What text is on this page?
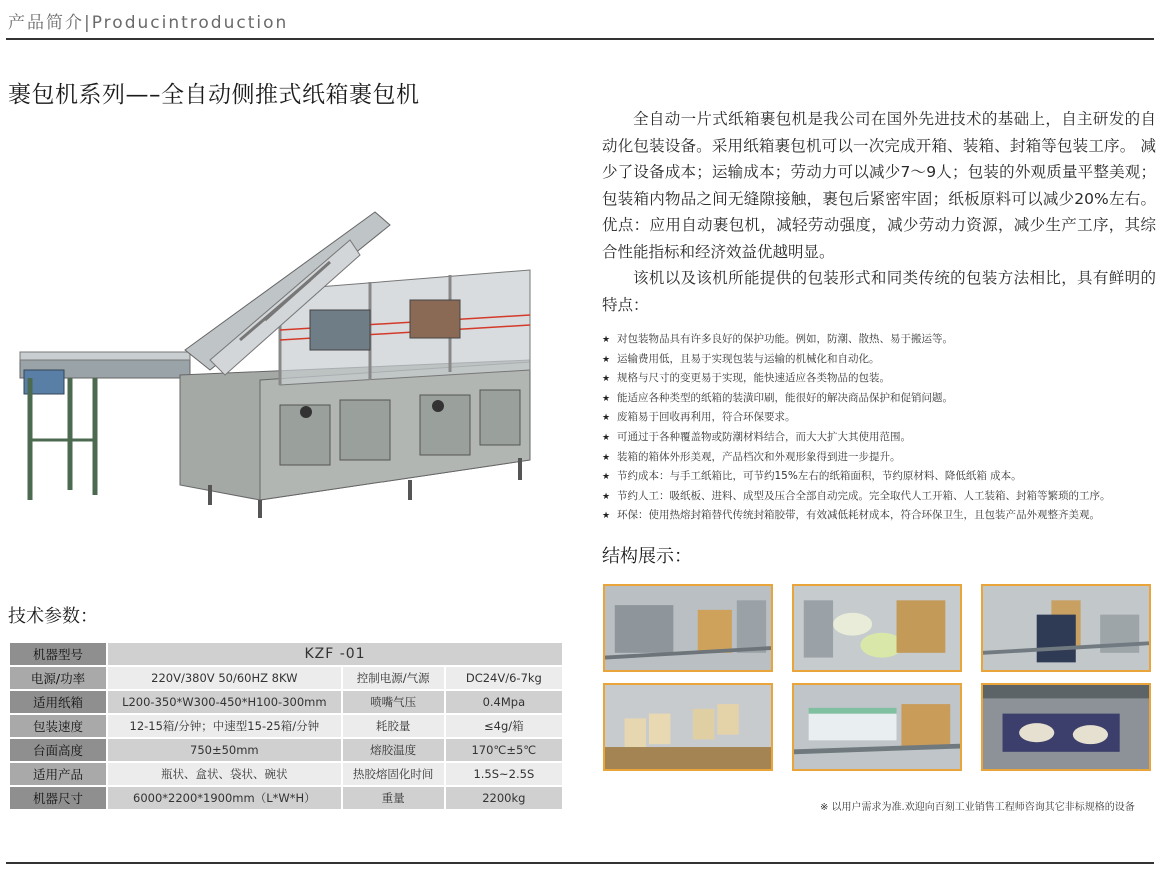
产品简介|Producintroduction
裹包机系列—–全自动侧推式纸箱裹包机

全自动一片式纸箱裹包机是我公司在国外先进技术的基础上，自主研发的自动化包装设备。采用纸箱裹包机可以一次完成开箱、装箱、封箱等包装工序。 减少了设备成本；运输成本；劳动力可以减少7～9人；包装的外观质量平整美观；包装箱内物品之间无缝隙接触，裹包后紧密牢固；纸板原料可以减少20%左右。优点：应用自动裹包机，减轻劳动强度，减少劳动力资源，减少生产工序，其综合性能指标和经济效益优越明显。

该机以及该机所能提供的包装形式和同类传统的包装方法相比，具有鲜明的特点：

★ 对包装物品具有许多良好的保护功能。例如，防潮、散热、易于搬运等。
★ 运输费用低，且易于实现包装与运输的机械化和自动化。
★ 规格与尺寸的变更易于实现，能快速适应各类物品的包装。
★ 能适应各种类型的纸箱的装潢印刷，能很好的解决商品保护和促销问题。
★ 废箱易于回收再利用，符合环保要求。
★ 可通过于各种覆盖物或防潮材料结合，而大大扩大其使用范围。
★ 装箱的箱体外形美观，产品档次和外观形象得到进一步提升。
★ 节约成本：与手工纸箱比，可节约15%左右的纸箱面积，节约原材料、降低纸箱 成本。
★ 节约人工：吸纸板、进料、成型及压合全部自动完成。完全取代人工开箱、人工装箱、封箱等繁琐的工序。
★ 环保：使用热熔封箱替代传统封箱胶带，有效减低耗材成本，符合环保卫生，且包装产品外观整齐美观。
结构展示：
※ 以用户需求为准.欢迎向百刻工业销售工程师咨询其它非标规格的设备
技术参数：
机器型号	KZF -01		
电源/功率	220V/380V 50/60HZ 8KW	控制电源/气源	DC24V/6-7kg
适用纸箱	L200-350*W300-450*H100-300mm	喷嘴气压	0.4Mpa
包装速度	12-15箱/分钟；中速型15-25箱/分钟	耗胶量	≤4g/箱
台面高度	750±50mm	熔胶温度	170℃±5℃
适用产品	瓶状、盒状、袋状、碗状	热胶熔固化时间	1.5S~2.5S
机器尺寸	6000*2200*1900mm（L*W*H）	重量	2200kg
